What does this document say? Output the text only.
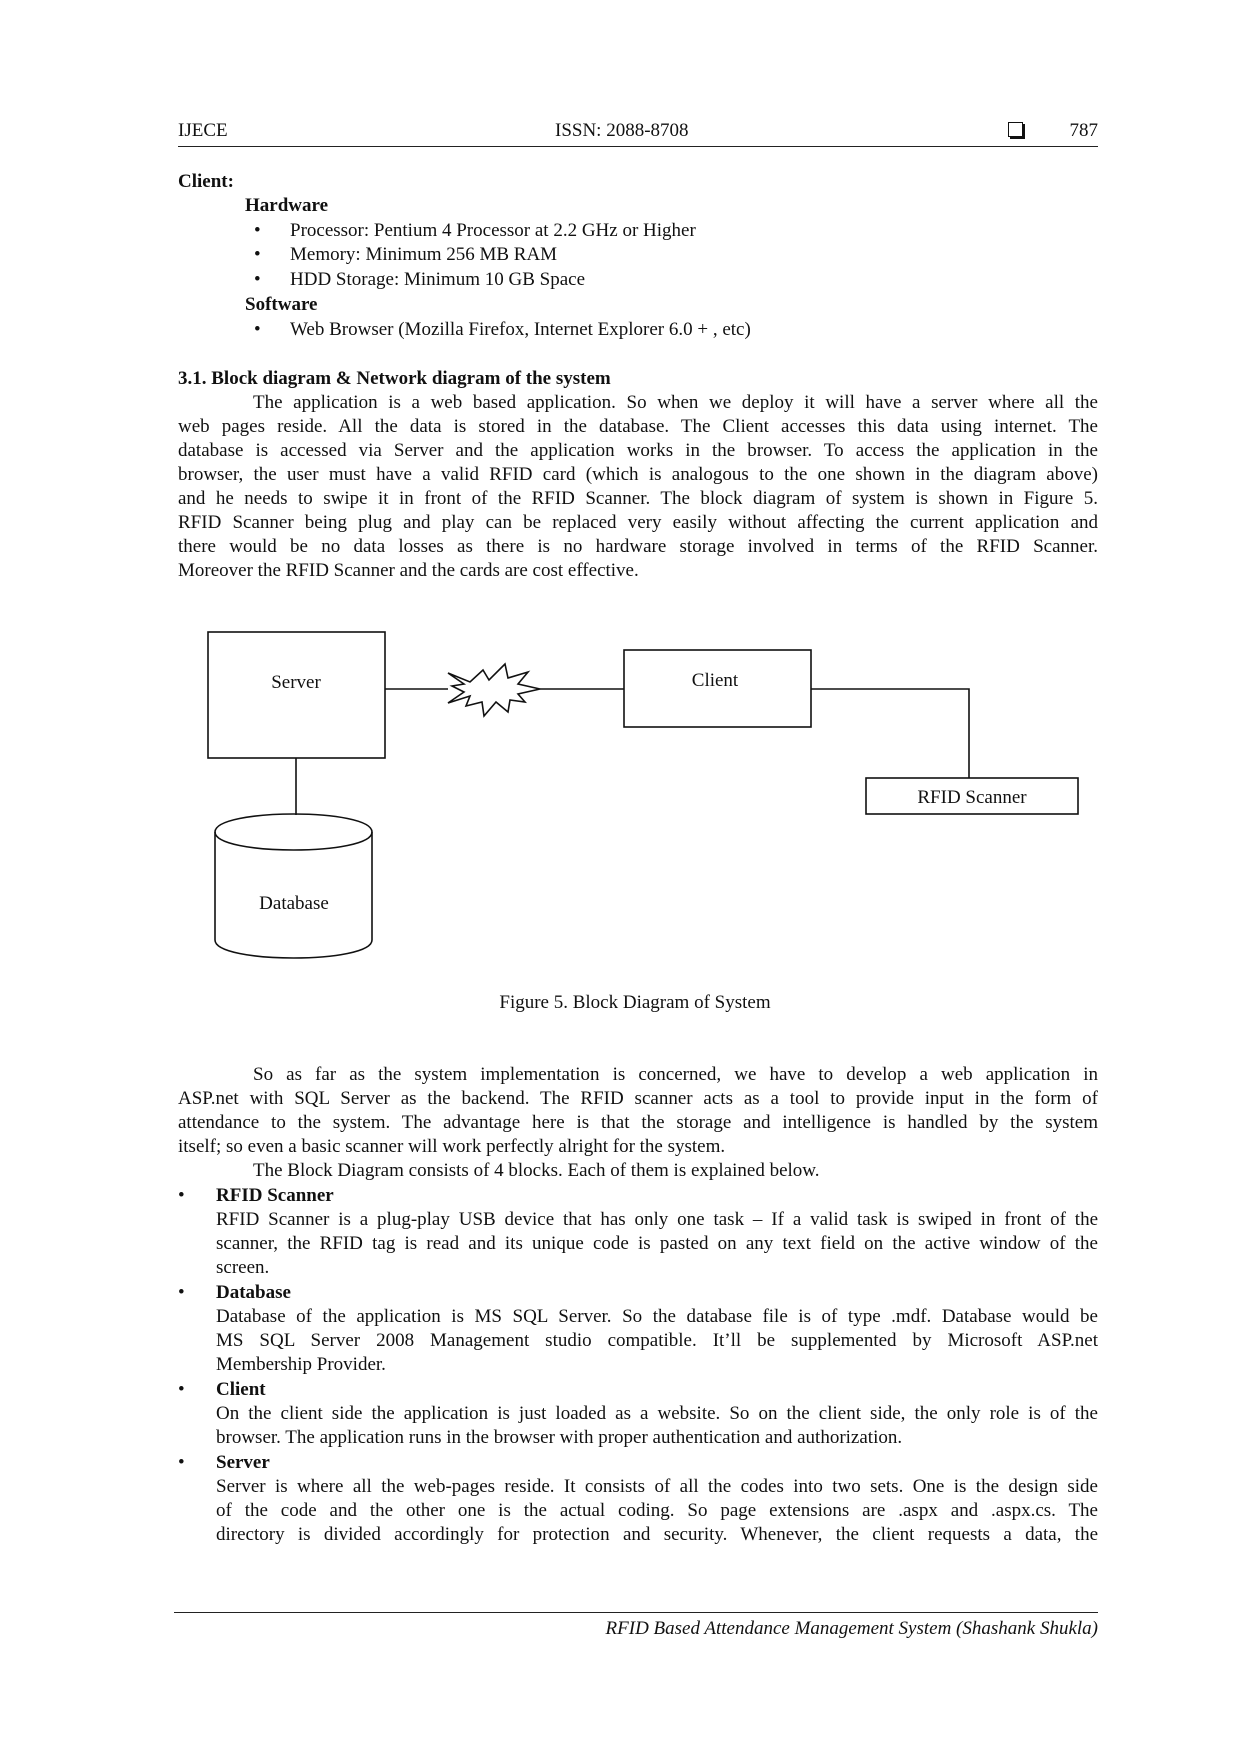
IJECE	ISSN: 2088-8708	787
Client:
Hardware
• Processor: Pentium 4 Processor at 2.2 GHz or Higher
• Memory: Minimum 256 MB RAM
• HDD Storage: Minimum 10 GB Space
Software
• Web Browser (Mozilla Firefox, Internet Explorer 6.0 + , etc)
3.1. Block diagram & Network diagram of the system
The application is a web based application. So when we deploy it will have a server where all the
web pages reside. All the data is stored in the database. The Client accesses this data using internet. The
database is accessed via Server and the application works in the browser. To access the application in the
browser, the user must have a valid RFID card (which is analogous to the one shown in the diagram above)
and he needs to swipe it in front of the RFID Scanner. The block diagram of system is shown in Figure 5.
RFID Scanner being plug and play can be replaced very easily without affecting the current application and
there would be no data losses as there is no hardware storage involved in terms of the RFID Scanner.
Moreover the RFID Scanner and the cards are cost effective.
Server	Client
RFID Scanner
Database
Figure 5. Block Diagram of System
So as far as the system implementation is concerned, we have to develop a web application in
ASP.net with SQL Server as the backend. The RFID scanner acts as a tool to provide input in the form of
attendance to the system. The advantage here is that the storage and intelligence is handled by the system
itself; so even a basic scanner will work perfectly alright for the system.
The Block Diagram consists of 4 blocks. Each of them is explained below.
• RFID Scanner
RFID Scanner is a plug-play USB device that has only one task – If a valid task is swiped in front of the
scanner, the RFID tag is read and its unique code is pasted on any text field on the active window of the
screen.
• Database
Database of the application is MS SQL Server. So the database file is of type .mdf. Database would be
MS SQL Server 2008 Management studio compatible. It’ll be supplemented by Microsoft ASP.net
Membership Provider.
• Client
On the client side the application is just loaded as a website. So on the client side, the only role is of the
browser. The application runs in the browser with proper authentication and authorization.
• Server
Server is where all the web-pages reside. It consists of all the codes into two sets. One is the design side
of the code and the other one is the actual coding. So page extensions are .aspx and .aspx.cs. The
directory is divided accordingly for protection and security. Whenever, the client requests a data, the
RFID Based Attendance Management System (Shashank Shukla)
